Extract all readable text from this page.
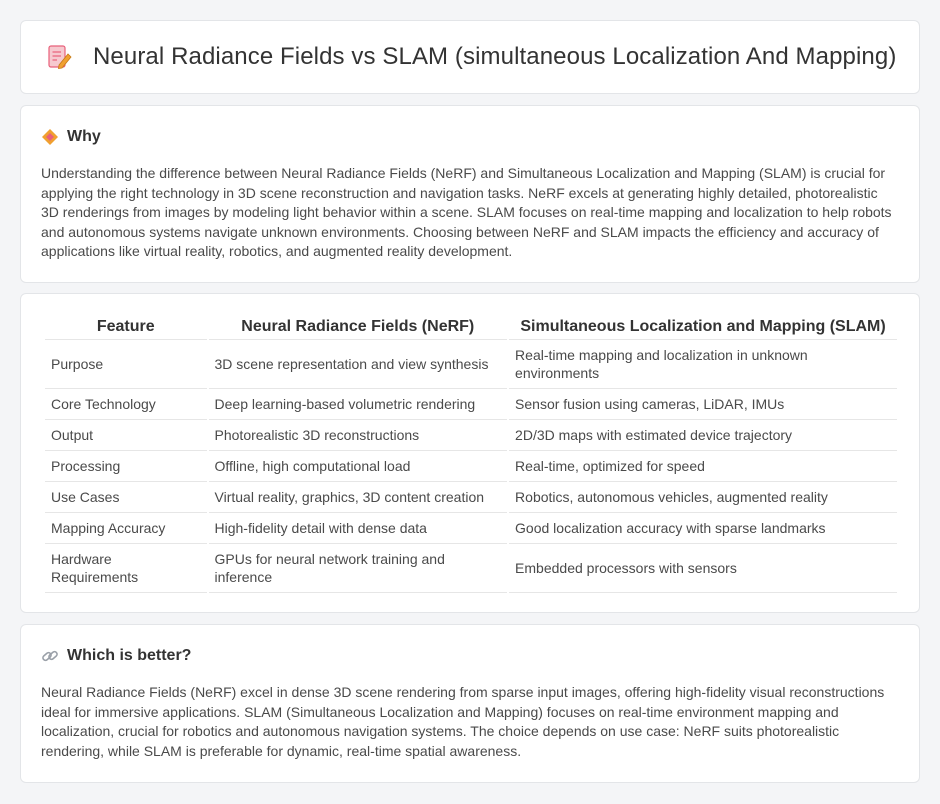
Neural Radiance Fields vs SLAM (simultaneous Localization And Mapping)
Why

Understanding the difference between Neural Radiance Fields (NeRF) and Simultaneous Localization and Mapping (SLAM) is crucial for applying the right technology in 3D scene reconstruction and navigation tasks. NeRF excels at generating highly detailed, photorealistic 3D renderings from images by modeling light behavior within a scene. SLAM focuses on real-time mapping and localization to help robots and autonomous systems navigate unknown environments. Choosing between NeRF and SLAM impacts the efficiency and accuracy of applications like virtual reality, robotics, and augmented reality development.

Feature	Neural Radiance Fields (NeRF)	Simultaneous Localization and Mapping (SLAM)
Purpose	3D scene representation and view synthesis	Real-time mapping and localization in unknown environments
Core Technology	Deep learning-based volumetric rendering	Sensor fusion using cameras, LiDAR, IMUs
Output	Photorealistic 3D reconstructions	2D/3D maps with estimated device trajectory
Processing	Offline, high computational load	Real-time, optimized for speed
Use Cases	Virtual reality, graphics, 3D content creation	Robotics, autonomous vehicles, augmented reality
Mapping Accuracy	High-fidelity detail with dense data	Good localization accuracy with sparse landmarks
Hardware Requirements	GPUs for neural network training and inference	Embedded processors with sensors
Which is better?

Neural Radiance Fields (NeRF) excel in dense 3D scene rendering from sparse input images, offering high-fidelity visual reconstructions ideal for immersive applications. SLAM (Simultaneous Localization and Mapping) focuses on real-time environment mapping and localization, crucial for robotics and autonomous navigation systems. The choice depends on use case: NeRF suits photorealistic rendering, while SLAM is preferable for dynamic, real-time spatial awareness.
